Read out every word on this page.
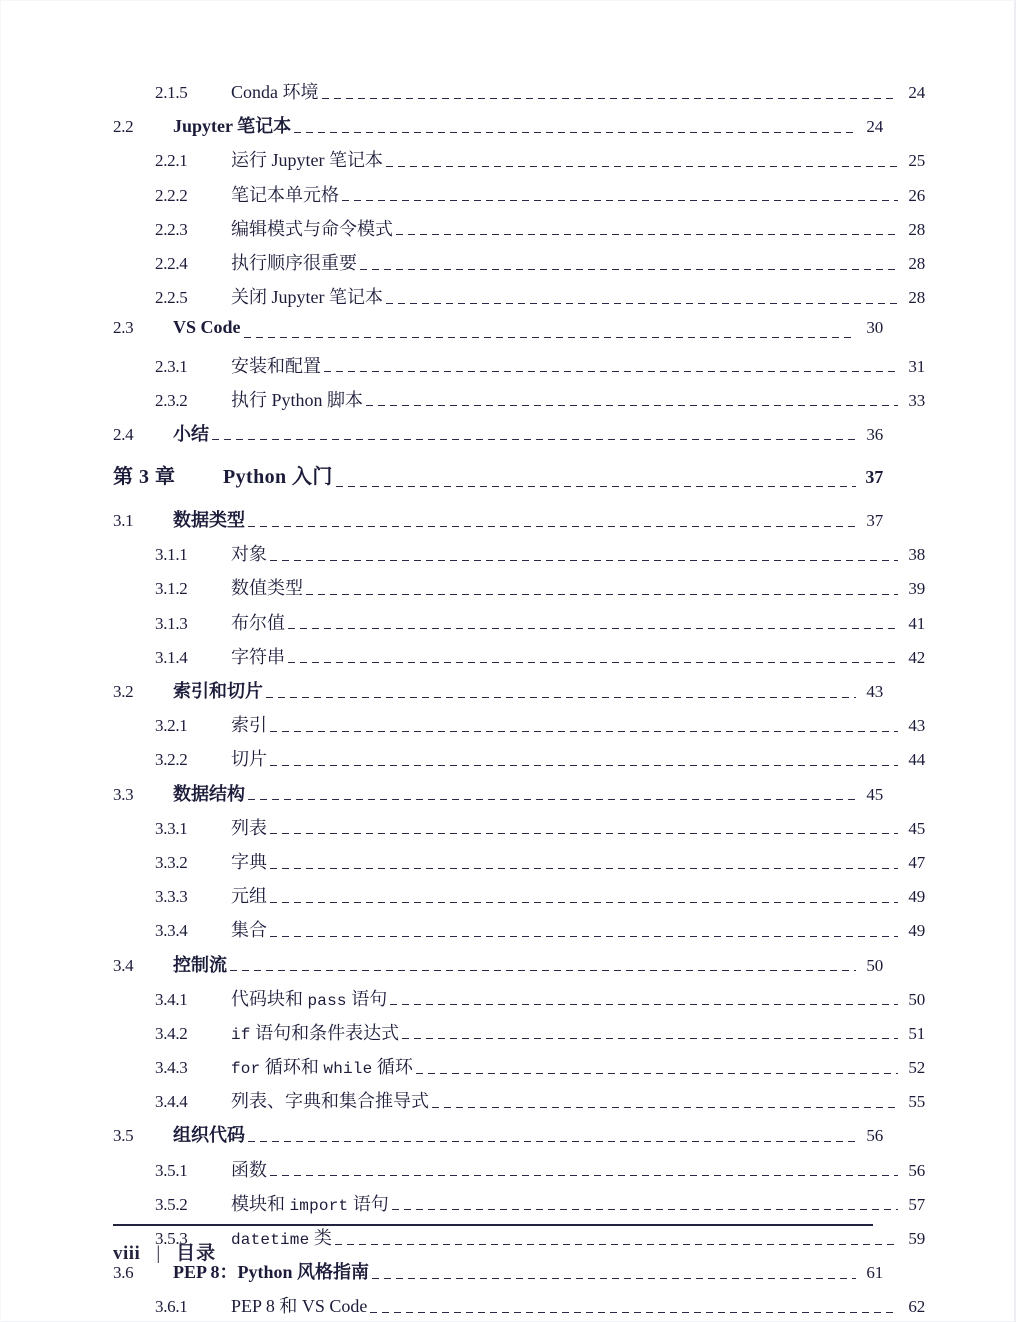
2.1.5	Conda 环境	24
2.2	Jupyter 笔记本	24
2.2.1	运行 Jupyter 笔记本	25
2.2.2	笔记本单元格	26
2.2.3	编辑模式与命令模式	28
2.2.4	执行顺序很重要	28
2.2.5	关闭 Jupyter 笔记本	28
2.3	VS Code	30
2.3.1	安装和配置	31
2.3.2	执行 Python 脚本	33
2.4	小结	36
第 3 章	Python 入门	37
3.1	数据类型	37
3.1.1	对象	38
3.1.2	数值类型	39
3.1.3	布尔值	41
3.1.4	字符串	42
3.2	索引和切片	43
3.2.1	索引	43
3.2.2	切片	44
3.3	数据结构	45
3.3.1	列表	45
3.3.2	字典	47
3.3.3	元组	49
3.3.4	集合	49
3.4	控制流	50
3.4.1	代码块和 pass 语句	50
3.4.2	if 语句和条件表达式	51
3.4.3	for 循环和 while 循环	52
3.4.4	列表、字典和集合推导式	55
3.5	组织代码	56
3.5.1	函数	56
3.5.2	模块和 import 语句	57
3.5.3	datetime 类	59
3.6	PEP 8：Python 风格指南	61
3.6.1	PEP 8 和 VS Code	62
viii | 目录
